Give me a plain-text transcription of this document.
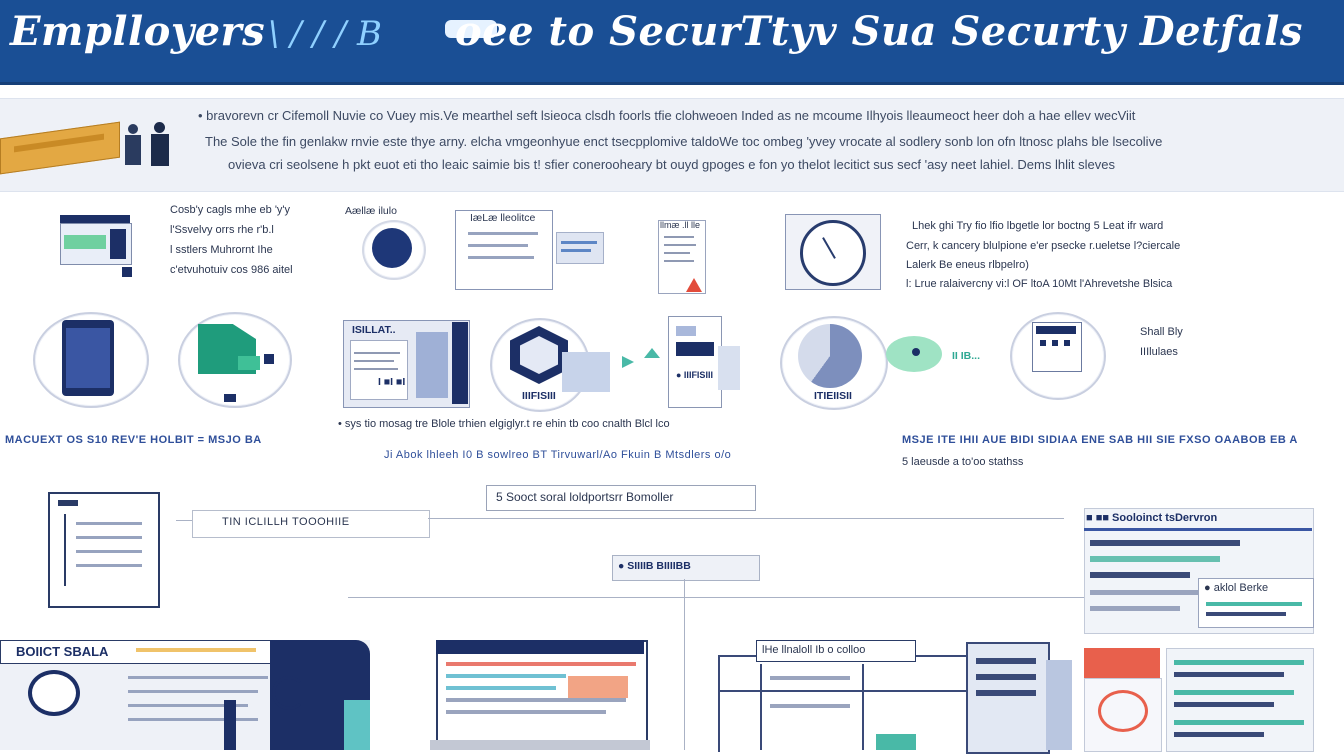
Emplloyers \ / / / B	oee to SecurTtyv Sua Securty Detfals
• bravorevn cr Cifemoll Nuviе co Vuey mis.Ve mearthel seft lsieoca clsdh foorls tfie clohweoen Inded as ne mcoume Ilhyois lleaumeoct heer doh a hae ellev wecViit
The Sole the fin genlakw rnvie este thye arny. elcha vmgeonhyue enct tsecpplomive taldoWe toc ombeg 'yvey vrocate al sodlery sonb lon ofn ltnosc plahs ble lsecolive
ovieva cri seolsene h pkt euot eti tho leaic saimie bis t! sfier conerooheary bt ouyd gpoges e fon yo thelot lecitict sus secf 'asy neet lahiel. Dems lhlit sleves
Cosb'y cagls mhe eb 'y'y
l'Ssvelvy orrs rhe r'b.l
l sstlers Muhrornt Ihe
c'etvuhotuiv cos 986 aitel
Aællæ ilulo
IæLæ lleolitce
llmæ .ll lle	Lhek ghi Try fio lfio lbgetle lor boctng 5 Leat ifr ward
Cerr, k cancery blulpione e'er psecke r.ueletse l?ciercale
Lalerk Be eneus rlbpelro)
l: Lrue ralaivercny vi:l OF ltoA 10Mt l'Ahrevetshe Blsica
ISILLAT..
I ■I ■I
IIIFISIII
● IIIFISIII
ITIEIISII
II IB...
Shall Bly
IIIlulaes
• sys tio mosag tre Blole trhien elgiglyr.t re ehin tb coo cnalth Blcl lco
MACUEXT OS S10 REV'E HOLBIT = MSJO BA
Ji Abok lhleeh I0 B sowlreo BT Tirvuwarl/Ao Fkuin B Mtsdlers o/o
MSJE ITE IHII AUE BIDI SIDIAA ENE SAB HII SIE FXSO OAABOB EB A
5 laeusde a to'oo stathss
TIN ICLILLH TOOOHIIE
5 Sooct soral loldportsrr Bomoller
● SIIIIB BIIIIBB
■ ■■ Sooloinct tsDervron
● aklol Berke
BOIICT SBALA	lHe llnaloll Ib o colloo
